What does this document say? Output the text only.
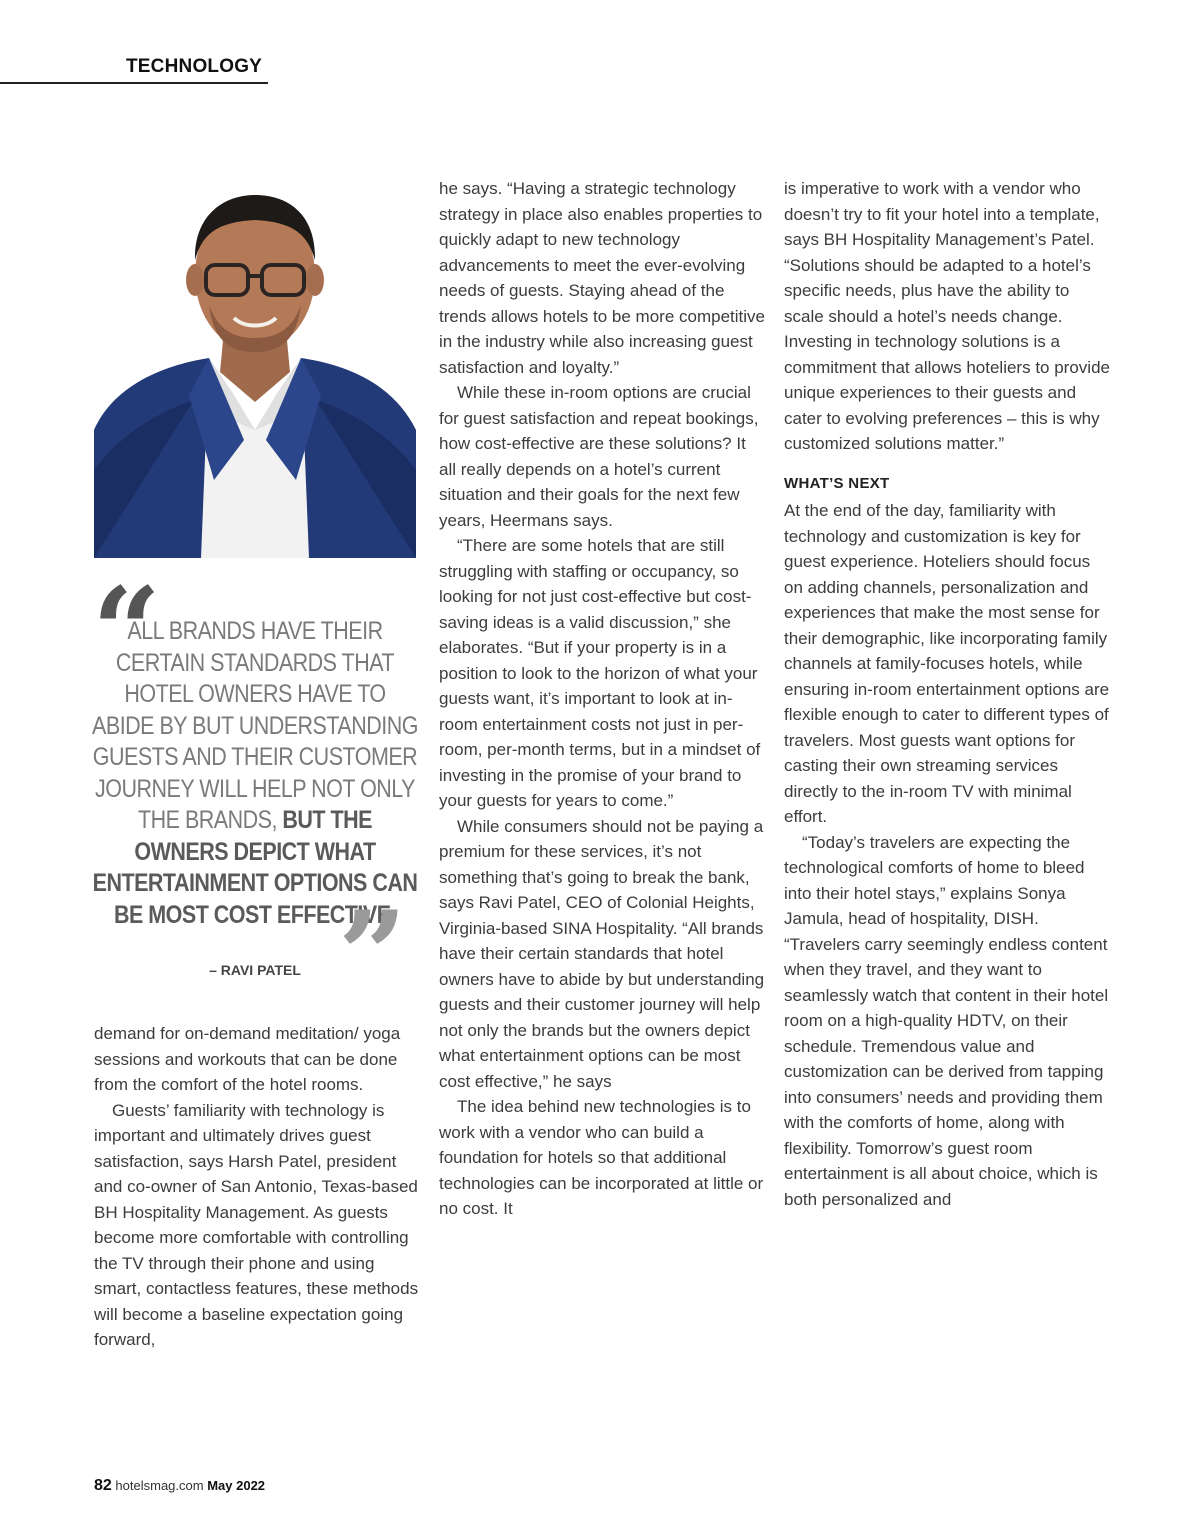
TECHNOLOGY
“
ALL BRANDS HAVE THEIR CERTAIN STANDARDS THAT HOTEL OWNERS HAVE TO ABIDE BY BUT UNDERSTANDING GUESTS AND THEIR CUSTOMER JOURNEY WILL HELP NOT ONLY THE BRANDS, BUT THE OWNERS DEPICT WHAT ENTERTAINMENT OPTIONS CAN BE MOST COST EFFECTIVE.
”
– RAVI PATEL

demand for on-demand meditation/ yoga sessions and workouts that can be done from the comfort of the hotel rooms.

Guests’ familiarity with technology is important and ultimately drives guest satisfaction, says Harsh Patel, president and co-owner of San Antonio, Texas-based BH Hospitality Management. As guests become more comfortable with controlling the TV through their phone and using smart, contactless features, these methods will become a baseline expectation going forward,

he says. “Having a strategic technology strategy in place also enables properties to quickly adapt to new technology advancements to meet the ever-evolving needs of guests. Staying ahead of the trends allows hotels to be more competitive in the industry while also increasing guest satisfaction and loyalty.”

While these in-room options are crucial for guest satisfaction and repeat bookings, how cost-effective are these solutions? It all really depends on a hotel’s current situation and their goals for the next few years, Heermans says.

“There are some hotels that are still struggling with staffing or occupancy, so looking for not just cost-effective but cost-saving ideas is a valid discussion,” she elaborates. “But if your property is in a position to look to the horizon of what your guests want, it’s important to look at in-room entertainment costs not just in per-room, per-month terms, but in a mindset of investing in the promise of your brand to your guests for years to come.”

While consumers should not be paying a premium for these services, it’s not something that’s going to break the bank, says Ravi Patel, CEO of Colonial Heights, Virginia-based SINA Hospitality. “All brands have their certain standards that hotel owners have to abide by but understanding guests and their customer journey will help not only the brands but the owners depict what entertainment options can be most cost effective,” he says

The idea behind new technologies is to work with a vendor who can build a foundation for hotels so that additional technologies can be incorporated at little or no cost. It

is imperative to work with a vendor who doesn’t try to fit your hotel into a template, says BH Hospitality Management’s Patel. “Solutions should be adapted to a hotel’s specific needs, plus have the ability to scale should a hotel’s needs change. Investing in technology solutions is a commitment that allows hoteliers to provide unique experiences to their guests and cater to evolving preferences – this is why customized solutions matter.”

WHAT’S NEXT

At the end of the day, familiarity with technology and customization is key for guest experience. Hoteliers should focus on adding channels, personalization and experiences that make the most sense for their demographic, like incorporating family channels at family-focuses hotels, while ensuring in-room entertainment options are flexible enough to cater to different types of travelers. Most guests want options for casting their own streaming services directly to the in-room TV with minimal effort.

“Today’s travelers are expecting the technological comforts of home to bleed into their hotel stays,” explains Sonya Jamula, head of hospitality, DISH. “Travelers carry seemingly endless content when they travel, and they want to seamlessly watch that content in their hotel room on a high-quality HDTV, on their schedule. Tremendous value and customization can be derived from tapping into consumers’ needs and providing them with the comforts of home, along with flexibility. Tomorrow’s guest room entertainment is all about choice, which is both personalized and

82 hotelsmag.com May 2022
